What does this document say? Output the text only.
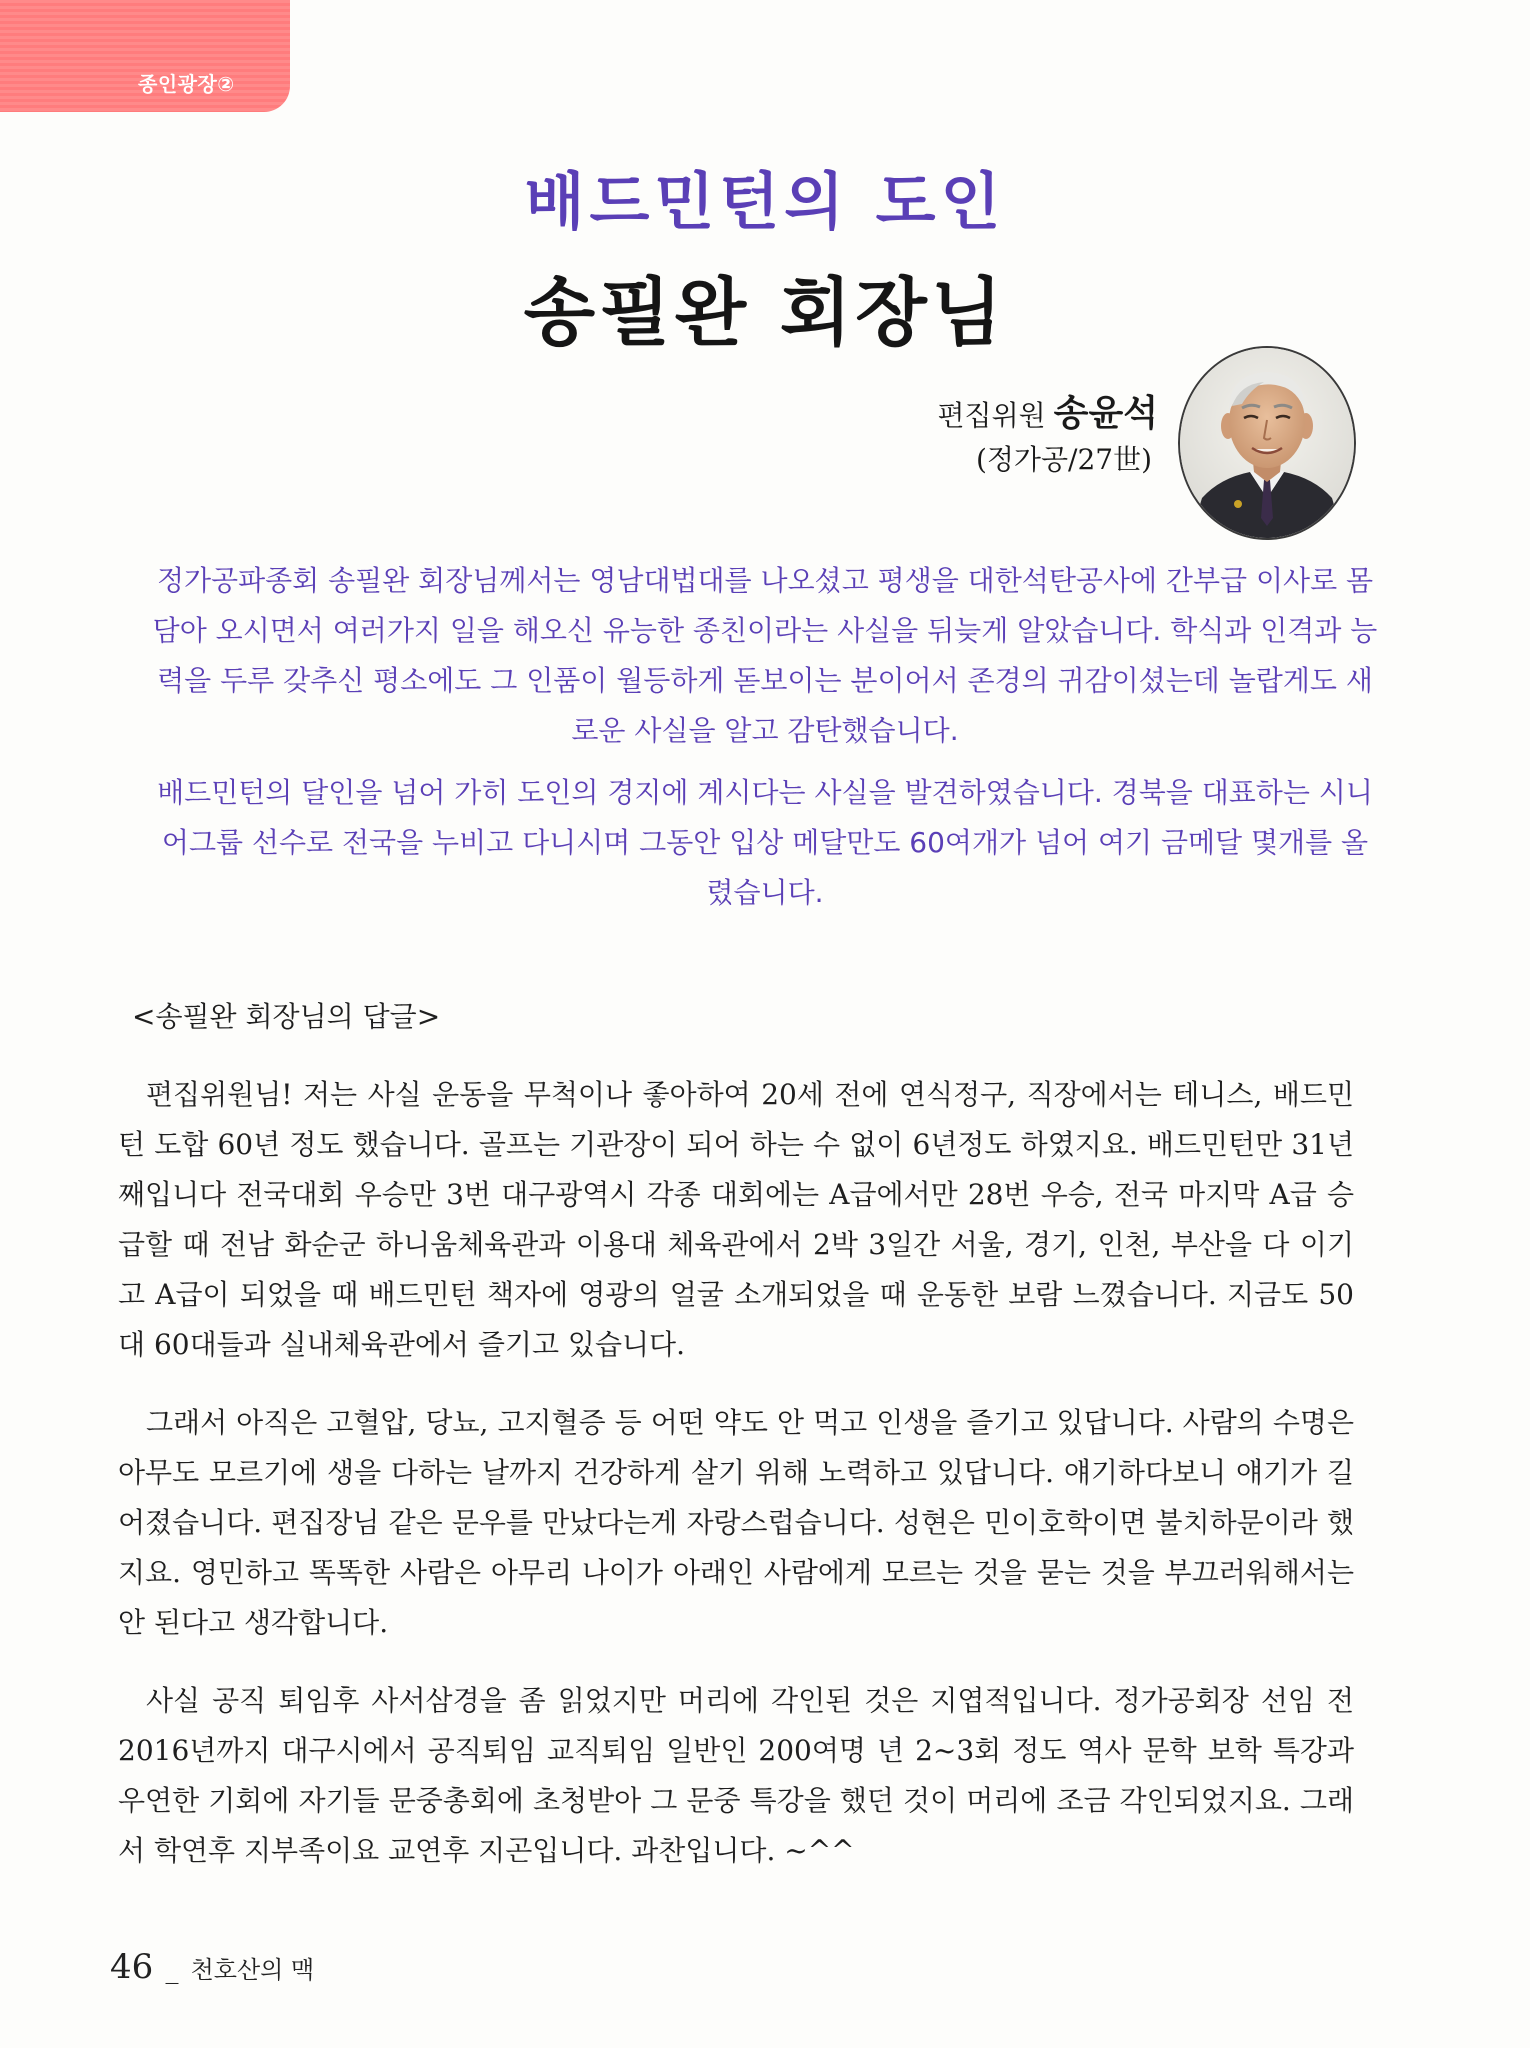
종인광장②
배드민턴의 도인
송필완 회장님
편집위원 송윤석
(정가공/27世)

정가공파종회 송필완 회장님께서는 영남대법대를 나오셨고 평생을 대한석탄공사에 간부급 이사로 몸담아 오시면서 여러가지 일을 해오신 유능한 종친이라는 사실을 뒤늦게 알았습니다. 학식과 인격과 능력을 두루 갖추신 평소에도 그 인품이 월등하게 돋보이는 분이어서 존경의 귀감이셨는데 놀랍게도 새로운 사실을 알고 감탄했습니다.

배드민턴의 달인을 넘어 가히 도인의 경지에 계시다는 사실을 발견하였습니다. 경북을 대표하는 시니어그룹 선수로 전국을 누비고 다니시며 그동안 입상 메달만도 60여개가 넘어 여기 금메달 몇개를 올렸습니다.

<송필완 회장님의 답글>

편집위원님! 저는 사실 운동을 무척이나 좋아하여 20세 전에 연식정구, 직장에서는 테니스, 배드민턴 도합 60년 정도 했습니다. 골프는 기관장이 되어 하는 수 없이 6년정도 하였지요. 배드민턴만 31년 째입니다 전국대회 우승만 3번 대구광역시 각종 대회에는 A급에서만 28번 우승, 전국 마지막 A급 승급할 때 전남 화순군 하니움체육관과 이용대 체육관에서 2박 3일간 서울, 경기, 인천, 부산을 다 이기고 A급이 되었을 때 배드민턴 책자에 영광의 얼굴 소개되었을 때 운동한 보람 느꼈습니다. 지금도 50대 60대들과 실내체육관에서 즐기고 있습니다.

그래서 아직은 고혈압, 당뇨, 고지혈증 등 어떤 약도 안 먹고 인생을 즐기고 있답니다. 사람의 수명은 아무도 모르기에 생을 다하는 날까지 건강하게 살기 위해 노력하고 있답니다. 얘기하다보니 얘기가 길어졌습니다. 편집장님 같은 문우를 만났다는게 자랑스럽습니다. 성현은 민이호학이면 불치하문이라 했지요. 영민하고 똑똑한 사람은 아무리 나이가 아래인 사람에게 모르는 것을 묻는 것을 부끄러워해서는 안 된다고 생각합니다.

사실 공직 퇴임후 사서삼경을 좀 읽었지만 머리에 각인된 것은 지엽적입니다. 정가공회장 선임 전 2016년까지 대구시에서 공직퇴임 교직퇴임 일반인 200여명 년 2~3회 정도 역사 문학 보학 특강과 우연한 기회에 자기들 문중총회에 초청받아 그 문중 특강을 했던 것이 머리에 조금 각인되었지요. 그래서 학연후 지부족이요 교연후 지곤입니다. 과찬입니다. ~^^

46 _ 천호산의 맥
